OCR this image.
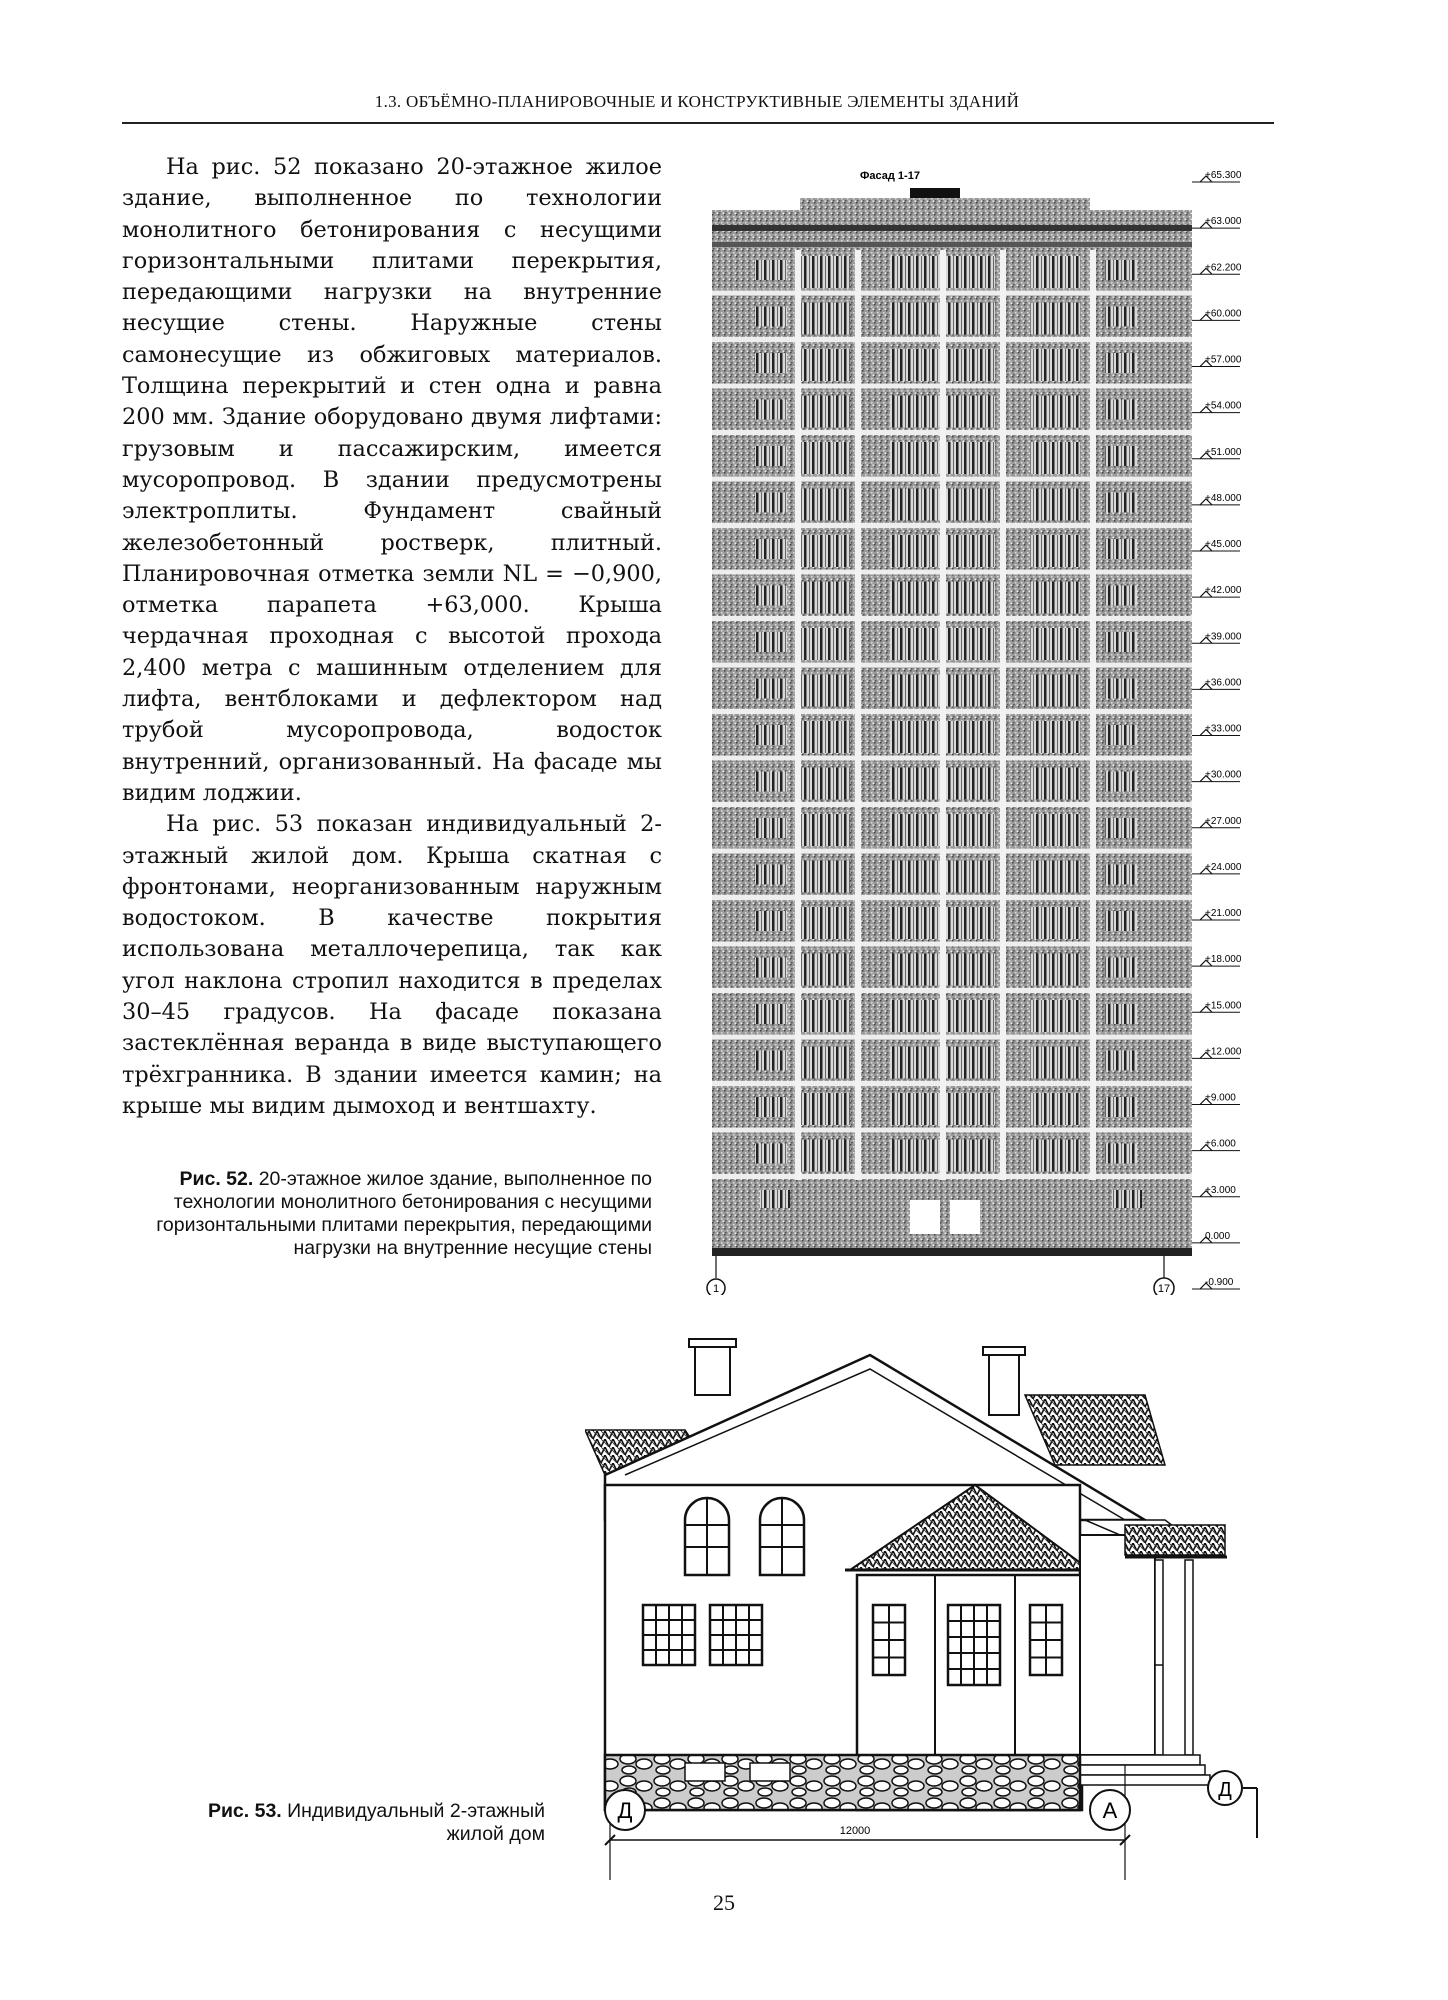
1.3. ОБЪЁМНО-ПЛАНИРОВОЧНЫЕ И КОНСТРУКТИВНЫЕ ЭЛЕМЕНТЫ ЗДАНИЙ

На рис. 52 показано 20-этажное жилое здание, выполненное по технологии монолитного бетонирования с несущими горизонтальными плитами перекрытия, передающими нагрузки на внутренние несущие стены. Наружные стены самонесущие из обжиговых материалов. Толщина перекрытий и стен одна и равна 200 мм. Здание оборудовано двумя лифтами: грузовым и пассажирским, имеется мусоропровод. В здании предусмотрены электроплиты. Фундамент свайный железобетонный ростверк, плитный. Планировочная отметка земли NL = −0,900, отметка парапета +63,000. Крыша чердачная проходная с высотой прохода 2,400 метра с машинным отделением для лифта, вентблоками и дефлектором над трубой мусоропровода, водосток внутренний, организованный. На фасаде мы видим лоджии.

На рис. 53 показан индивидуальный 2-этажный жилой дом. Крыша скатная с фронтонами, неорганизованным наружным водостоком. В качестве покрытия использована металлочерепица, так как угол наклона стропил находится в пределах 30–45 градусов. На фасаде показана застеклённая веранда в виде выступающего трёхгранника. В здании имеется камин; на крыше мы видим дымоход и вентшахту.

Фасад 1-17
1	17
+65.300
+63.000
+62.200
+60.000
+57.000
+54.000
+51.000
+48.000
+45.000
+42.000
+39.000
+36.000
+33.000
+30.000
+27.000
+24.000
+21.000
+18.000
+15.000
+12.000
+9.000
+6.000
+3.000
0.000
-0.900
Рис. 52. 20-этажное жилое здание, выполненное по технологии монолитного бетонирования с несущими горизонтальными плитами перекрытия, передающими нагрузки на внутренние несущие стены
12000
Д	А
Д
Рис. 53. Индивидуальный 2-этажный жилой дом
25
